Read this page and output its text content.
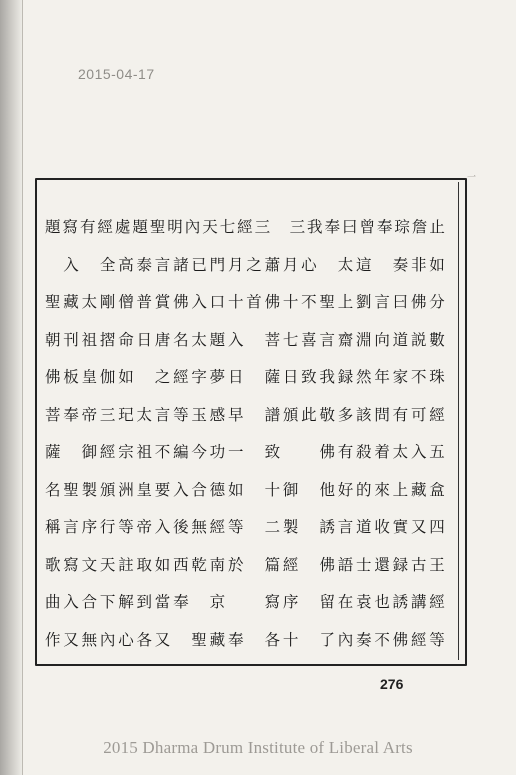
2015-04-17
一
題 寫 有 經 處 題 聖 明 內 天 七 經 三
　 三 我 奉 曰 曾 奉 琮 詹 止

入
　 全 高 泰 言 諸 已 門 月 之 蕭 月 心
　 太 這
　 奏 非 如
聖 藏 太 剛 僧 普 賞 佛 入 口 十 首 佛 十 不 聖 上 劉 言 曰 佛 分
朝 刊 祖 摺 命 日 唐 名 太 題 入
　 菩 七 喜 言 齋 淵 向 道 説 數
佛 板 皇 伽 如
　 之 經 字 夢 日
　 薩 日 致 我 録 然 年 家 不 珠
菩 奉 帝 三 玘 太 言 等 玉 感 早
　 譜 頒 此 敬 多 該 問 有 可 經
薩
　 御 經 宗 祖 不 編 今 功 一
　 致

　	佛 有 殺 着 太 入 五
名 聖 製 頒 洲 皇 要 入 合 德 如
　 十 御
　 他 好 的 來 上 藏 盒
稱 言 序 行 等 帝 入 後 無 經 等
　 二 製
　 誘 言 道 收 實 又 四
歌 寫 文 天 註 取 如 西 乾 南 於
　 篇 經
　 佛 語 士 還 録 古 王
曲 入 合 下 解 到 當 奉
　 京

　	寫 序
　 留 在 袁 也 誘 講 經
作 又 無 內 心 各 又
　 聖 藏 奉
　 各 十
　 了 內 奏 不 佛 經 等
276
2015 Dharma Drum Institute of Liberal Arts
